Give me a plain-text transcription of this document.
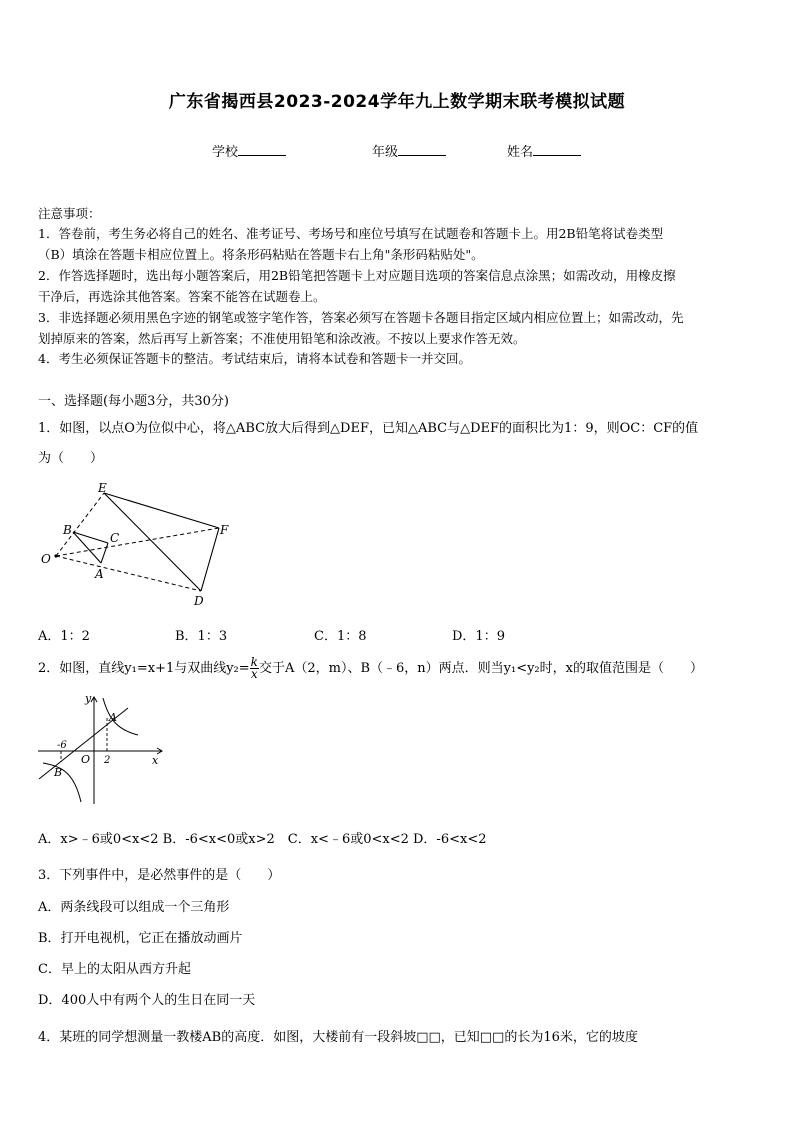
广东省揭西县2023-2024学年九上数学期末联考模拟试题
学校	年级	姓名
注意事项：
1．答卷前，考生务必将自己的姓名、准考证号、考场号和座位号填写在试题卷和答题卡上。用2B铅笔将试卷类型
（B）填涂在答题卡相应位置上。将条形码粘贴在答题卡右上角"条形码粘贴处"。
2．作答选择题时，选出每小题答案后，用2B铅笔把答题卡上对应题目选项的答案信息点涂黑；如需改动，用橡皮擦
干净后，再选涂其他答案。答案不能答在试题卷上。
3．非选择题必须用黑色字迹的钢笔或签字笔作答，答案必须写在答题卡各题目指定区域内相应位置上；如需改动，先
划掉原来的答案，然后再写上新答案；不准使用铅笔和涂改液。不按以上要求作答无效。
4．考生必须保证答题卡的整洁。考试结束后，请将本试卷和答题卡一并交回。
一、选择题(每小题3分，共30分)
1．如图，以点O为位似中心，将△ABC放大后得到△DEF，已知△ABC与△DEF的面积比为1：9，则OC：CF的值
为（　　）
E
B
C
F
O
A
D
A．1：2	B．1：3	C．1：8	D．1：9
2．如图，直线y₁=x+1与双曲线$y_2= \frac{k}{x}$ 交于A（2，m）、B（﹣6，n）两点．则当y₁<y₂时，x的取值范围是（　　）
y
x
O
A
B
-6
2
A．x>﹣6或0<x<2 B．-6<x<0或x>2　C．x<﹣6或0<x<2 D．-6<x<2
3．下列事件中，是必然事件的是（　　）
A．两条线段可以组成一个三角形
B．打开电视机，它正在播放动画片
C．早上的太阳从西方升起
D．400人中有两个人的生日在同一天
4．某班的同学想测量一教楼AB的高度．如图，大楼前有一段斜坡□□，已知□□的长为16米，它的坡度
